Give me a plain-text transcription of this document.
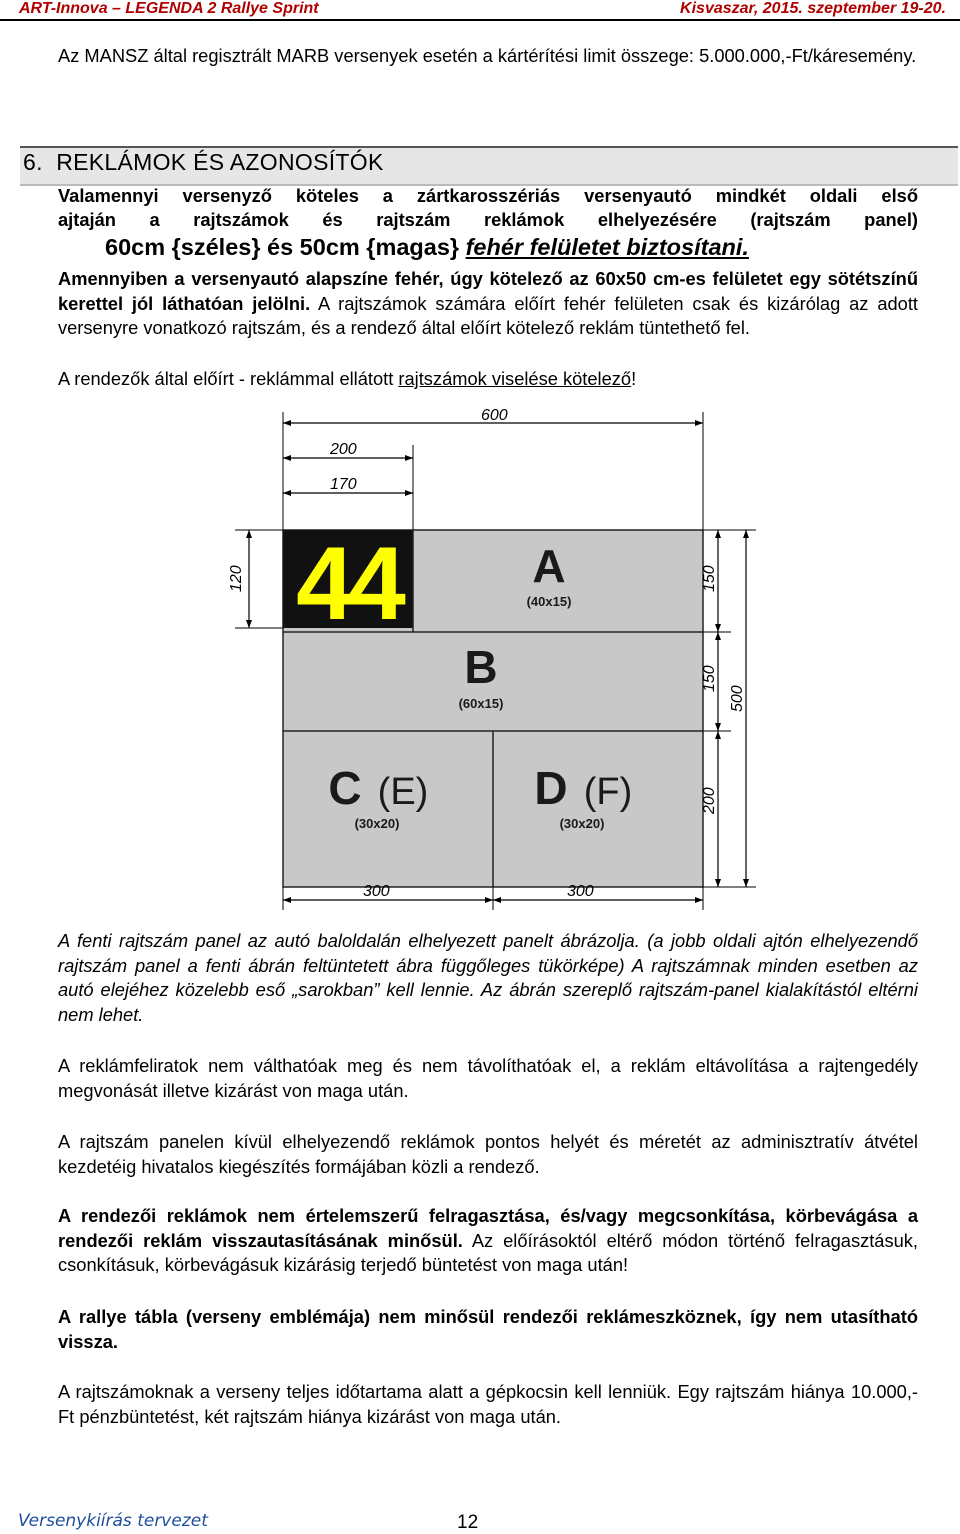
ART-Innova – LEGENDA 2 Rallye Sprint	Kisvaszar, 2015. szeptember 19-20.

Az MANSZ által regisztrált MARB versenyek esetén a kártérítési limit összege: 5.000.000,-Ft/káresemény.

6. REKLÁMOK ÉS AZONOSÍTÓK

Valamennyi versenyző köteles a zártkarosszériás versenyautó mindkét oldali első

ajtaján a rajtszámok és rajtszám reklámok elhelyezésére (rajtszám panel)

60cm {széles} és 50cm {magas} fehér felületet biztosítani.

Amennyiben a versenyautó alapszíne fehér, úgy kötelező az 60x50 cm-es felületet egy sötétszínű kerettel jól láthatóan jelölni. A rajtszámok számára előírt fehér felületen csak és kizárólag az adott versenyre vonatkozó rajtszám, és a rendező által előírt kötelező reklám tüntethető fel.

A rendezők által előírt - reklámmal ellátott rajtszámok viselése kötelező!

600
200
170
120	150
150
200
500
300	300
44	A
(40x15)
B
(60x15)
C (E)
(30x20)
D (F)
(30x20)

A fenti rajtszám panel az autó baloldalán elhelyezett panelt ábrázolja. (a jobb oldali ajtón elhelyezendő rajtszám panel a fenti ábrán feltüntetett ábra függőleges tükörképe) A rajtszámnak minden esetben az autó elejéhez közelebb eső „sarokban” kell lennie. Az ábrán szereplő rajtszám-panel kialakítástól eltérni nem lehet.

A reklámfeliratok nem válthatóak meg és nem távolíthatóak el, a reklám eltávolítása a rajtengedély megvonását illetve kizárást von maga után.

A rajtszám panelen kívül elhelyezendő reklámok pontos helyét és méretét az adminisztratív átvétel kezdetéig hivatalos kiegészítés formájában közli a rendező.

A rendezői reklámok nem értelemszerű felragasztása, és/vagy megcsonkítása, körbevágása a rendezői reklám visszautasításának minősül. Az előírásoktól eltérő módon történő felragasztásuk, csonkításuk, körbevágásuk kizárásig terjedő büntetést von maga után!

A rallye tábla (verseny emblémája) nem minősül rendezői reklámeszköznek, így nem utasítható vissza.

A rajtszámoknak a verseny teljes időtartama alatt a gépkocsin kell lenniük. Egy rajtszám hiánya 10.000,- Ft pénzbüntetést, két rajtszám hiánya kizárást von maga után.

Versenykiírás tervezet	12
